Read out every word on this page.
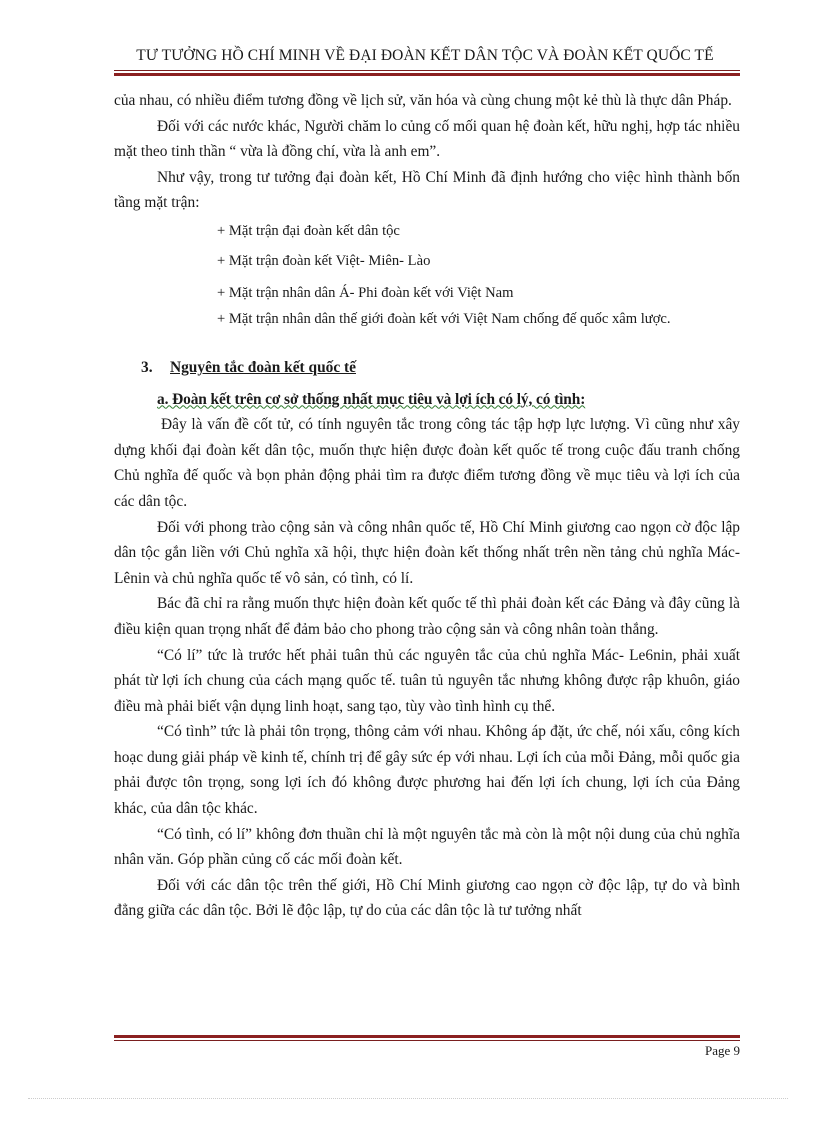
TƯ TƯỞNG HỒ CHÍ MINH VỀ ĐẠI ĐOÀN KẾT DÂN TỘC VÀ ĐOÀN KẾT QUỐC TẾ

của nhau, có nhiều điểm tương đồng về lịch sử, văn hóa và cùng chung một kẻ thù là thực dân Pháp.

Đối với các nước khác, Người chăm lo củng cố mối quan hệ đoàn kết, hữu nghị, hợp tác nhiều mặt theo tinh thần “ vừa là đồng chí, vừa là anh em”.

Như vậy, trong tư tưởng đại đoàn kết, Hồ Chí Minh đã định hướng cho việc hình thành bốn tầng mặt trận:

+ Mặt trận đại đoàn kết dân tộc
+ Mặt trận đoàn kết Việt- Miên- Lào
+ Mặt trận nhân dân Á- Phi đoàn kết với Việt Nam
+ Mặt trận nhân dân thế giới đoàn kết với Việt Nam chống đế quốc xâm lược.
3. Nguyên tắc đoàn kết quốc tế
a. Đoàn kết trên cơ sở thống nhất mục tiêu và lợi ích có lý, có tình:

Đây là vấn đề cốt tử, có tính nguyên tắc trong công tác tập hợp lực lượng. Vì cũng như xây dựng khối đại đoàn kết dân tộc, muốn thực hiện được đoàn kết quốc tế trong cuộc đấu tranh chống Chủ nghĩa đế quốc và bọn phản động phải tìm ra được điểm tương đồng về mục tiêu và lợi ích của các dân tộc.

Đối với phong trào cộng sản và công nhân quốc tế, Hồ Chí Minh giương cao ngọn cờ độc lập dân tộc gắn liền với Chủ nghĩa xã hội, thực hiện đoàn kết thống nhất trên nền tảng chủ nghĩa Mác- Lênin và chủ nghĩa quốc tế vô sản, có tình, có lí.

Bác đã chỉ ra rằng muốn thực hiện đoàn kết quốc tế thì phải đoàn kết các Đảng và đây cũng là điều kiện quan trọng nhất để đảm bảo cho phong trào cộng sản và công nhân toàn thắng.

“Có lí” tức là trước hết phải tuân thủ các nguyên tắc của chủ nghĩa Mác- Le6nin, phải xuất phát từ lợi ích chung của cách mạng quốc tế. tuân tủ nguyên tắc nhưng không được rập khuôn, giáo điều mà phải biết vận dụng linh hoạt, sang tạo, tùy vào tình hình cụ thể.

“Có tình” tức là phải tôn trọng, thông cảm với nhau. Không áp đặt, ức chế, nói xấu, công kích hoạc dung giải pháp về kinh tế, chính trị để gây sức ép với nhau. Lợi ích của mỗi Đảng, mỗi quốc gia phải được tôn trọng, song lợi ích đó không được phương hai đến lợi ích chung, lợi ích của Đảng khác, của dân tộc khác.

“Có tình, có lí” không đơn thuần chỉ là một nguyên tắc mà còn là một nội dung của chủ nghĩa nhân văn. Góp phần củng cố các mối đoàn kết.

Đối với các dân tộc trên thế giới, Hồ Chí Minh giương cao ngọn cờ độc lập, tự do và bình đẳng giữa các dân tộc. Bởi lẽ độc lập, tự do của các dân tộc là tư tưởng nhất

Page 9
